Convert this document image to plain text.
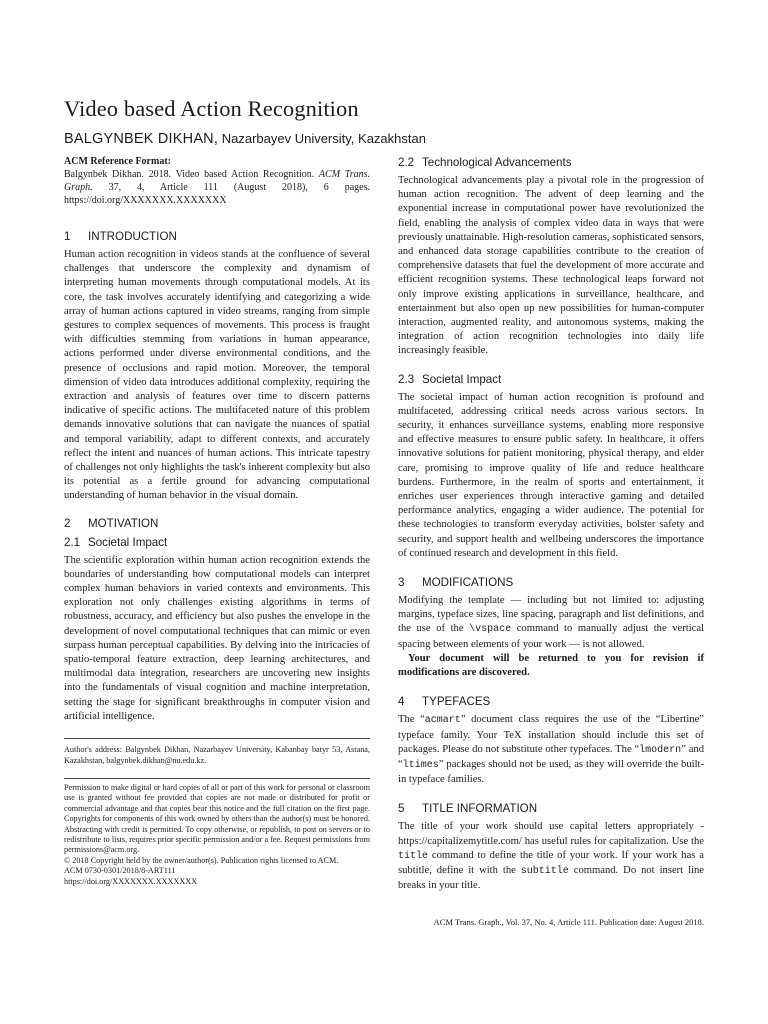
Video based Action Recognition
BALGYNBEK DIKHAN, Nazarbayev University, Kazakhstan
ACM Reference Format:

Balgynbek Dikhan. 2018. Video based Action Recognition. ACM Trans. Graph. 37, 4, Article 111 (August 2018), 6 pages. https://doi.org/XXXXXXX.XXXXXXX

1 INTRODUCTION

Human action recognition in videos stands at the confluence of several challenges that underscore the complexity and dynamism of interpreting human movements through computational models. At its core, the task involves accurately identifying and categorizing a wide array of human actions captured in video streams, ranging from simple gestures to complex sequences of movements. This process is fraught with difficulties stemming from variations in human appearance, actions performed under diverse environmental conditions, and the presence of occlusions and rapid motion. Moreover, the temporal dimension of video data introduces additional complexity, requiring the extraction and analysis of features over time to discern patterns indicative of specific actions. The multifaceted nature of this problem demands innovative solutions that can navigate the nuances of spatial and temporal variability, adapt to different contexts, and accurately reflect the intent and nuances of human actions. This intricate tapestry of challenges not only highlights the task's inherent complexity but also its potential as a fertile ground for advancing computational understanding of human behavior in the visual domain.

2 MOTIVATION
2.1 Societal Impact

The scientific exploration within human action recognition extends the boundaries of understanding how computational models can interpret complex human behaviors in varied contexts and environments. This exploration not only challenges existing algorithms in terms of robustness, accuracy, and efficiency but also pushes the envelope in the development of novel computational techniques that can mimic or even surpass human perceptual capabilities. By delving into the intricacies of spatio-temporal feature extraction, deep learning architectures, and multimodal data integration, researchers are uncovering new insights into the fundamentals of visual cognition and machine interpretation, setting the stage for significant breakthroughs in computer vision and artificial intelligence.

Author's address: Balgynbek Dikhan, Nazarbayev University, Kabanbay batyr 53, Astana, Kazakhstan, balgynbek.dikhan@nu.edu.kz.

Permission to make digital or hard copies of all or part of this work for personal or classroom use is granted without fee provided that copies are not made or distributed for profit or commercial advantage and that copies bear this notice and the full citation on the first page. Copyrights for components of this work owned by others than the author(s) must be honored. Abstracting with credit is permitted. To copy otherwise, or republish, to post on servers or to redistribute to lists, requires prior specific permission and/or a fee. Request permissions from permissions@acm.org.

© 2018 Copyright held by the owner/author(s). Publication rights licensed to ACM.
ACM 0730-0301/2018/8-ART111
https://doi.org/XXXXXXX.XXXXXXX
2.2 Technological Advancements

Technological advancements play a pivotal role in the progression of human action recognition. The advent of deep learning and the exponential increase in computational power have revolutionized the field, enabling the analysis of complex video data in ways that were previously unattainable. High-resolution cameras, sophisticated sensors, and enhanced data storage capabilities contribute to the creation of comprehensive datasets that fuel the development of more accurate and efficient recognition systems. These technological leaps forward not only improve existing applications in surveillance, healthcare, and entertainment but also open up new possibilities for human-computer interaction, augmented reality, and autonomous systems, making the integration of action recognition technologies into daily life increasingly feasible.

2.3 Societal Impact

The societal impact of human action recognition is profound and multifaceted, addressing critical needs across various sectors. In security, it enhances surveillance systems, enabling more responsive and effective measures to ensure public safety. In healthcare, it offers innovative solutions for patient monitoring, physical therapy, and elder care, promising to improve quality of life and reduce healthcare burdens. Furthermore, in the realm of sports and entertainment, it enriches user experiences through interactive gaming and detailed performance analytics, engaging a wider audience. The potential for these technologies to transform everyday activities, bolster safety and security, and support health and wellbeing underscores the importance of continued research and development in this field.

3 MODIFICATIONS

Modifying the template — including but not limited to: adjusting margins, typeface sizes, line spacing, paragraph and list definitions, and the use of the \vspace command to manually adjust the vertical spacing between elements of your work — is not allowed.

Your document will be returned to you for revision if modifications are discovered.

4 TYPEFACES

The “acmart” document class requires the use of the “Libertine” typeface family. Your TeX installation should include this set of packages. Please do not substitute other typefaces. The “lmodern” and “ltimes” packages should not be used, as they will override the built-in typeface families.

5 TITLE INFORMATION

The title of your work should use capital letters appropriately - https://capitalizemytitle.com/ has useful rules for capitalization. Use the title command to define the title of your work. If your work has a subtitle, define it with the subtitle command. Do not insert line breaks in your title.

ACM Trans. Graph., Vol. 37, No. 4, Article 111. Publication date: August 2018.
